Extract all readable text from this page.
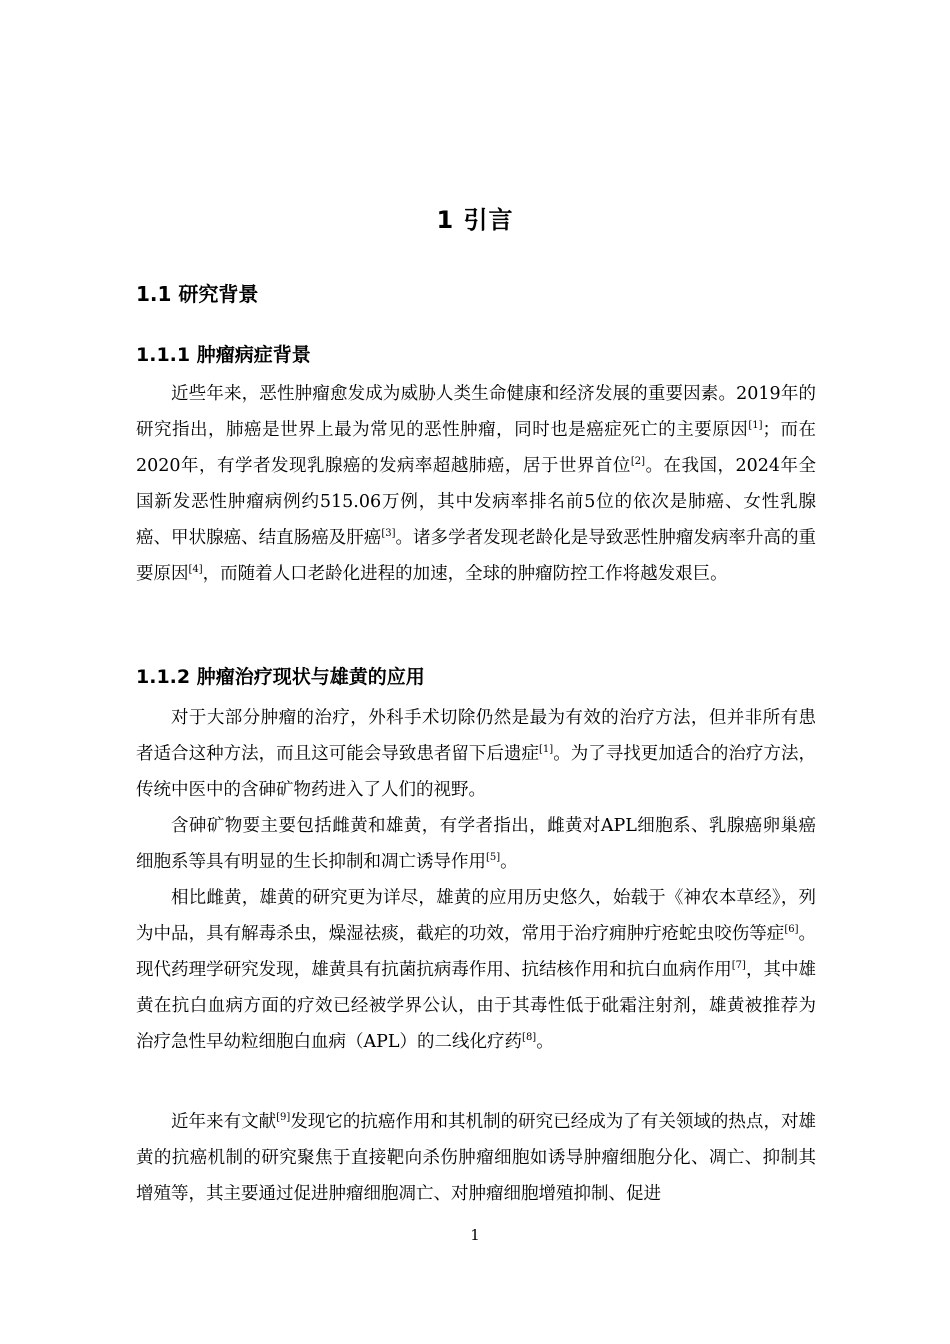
1 引言
1.1 研究背景
1.1.1 肿瘤病症背景

近些年来，恶性肿瘤愈发成为威胁人类生命健康和经济发展的重要因素。2019年的研究指出，肺癌是世界上最为常见的恶性肿瘤，同时也是癌症死亡的主要原因[1]；而在2020年，有学者发现乳腺癌的发病率超越肺癌，居于世界首位[2]。在我国，2024年全国新发恶性肿瘤病例约515.06万例，其中发病率排名前5位的依次是肺癌、女性乳腺癌、甲状腺癌、结直肠癌及肝癌[3]。诸多学者发现老龄化是导致恶性肿瘤发病率升高的重要原因[4]，而随着人口老龄化进程的加速，全球的肿瘤防控工作将越发艰巨。

1.1.2 肿瘤治疗现状与雄黄的应用

对于大部分肿瘤的治疗，外科手术切除仍然是最为有效的治疗方法，但并非所有患者适合这种方法，而且这可能会导致患者留下后遗症[1]。为了寻找更加适合的治疗方法，传统中医中的含砷矿物药进入了人们的视野。

含砷矿物要主要包括雌黄和雄黄，有学者指出，雌黄对APL细胞系、乳腺癌卵巢癌细胞系等具有明显的生长抑制和凋亡诱导作用[5]。

相比雌黄，雄黄的研究更为详尽，雄黄的应用历史悠久，始载于《神农本草经》，列为中品，具有解毒杀虫，燥湿祛痰，截疟的功效，常用于治疗痈肿疔疮蛇虫咬伤等症[6]。现代药理学研究发现，雄黄具有抗菌抗病毒作用、抗结核作用和抗白血病作用[7]，其中雄黄在抗白血病方面的疗效已经被学界公认，由于其毒性低于砒霜注射剂，雄黄被推荐为治疗急性早幼粒细胞白血病（APL）的二线化疗药[8]。

近年来有文献[9]发现它的抗癌作用和其机制的研究已经成为了有关领域的热点，对雄黄的抗癌机制的研究聚焦于直接靶向杀伤肿瘤细胞如诱导肿瘤细胞分化、凋亡、抑制其增殖等，其主要通过促进肿瘤细胞凋亡、对肿瘤细胞增殖抑制、促进

1
